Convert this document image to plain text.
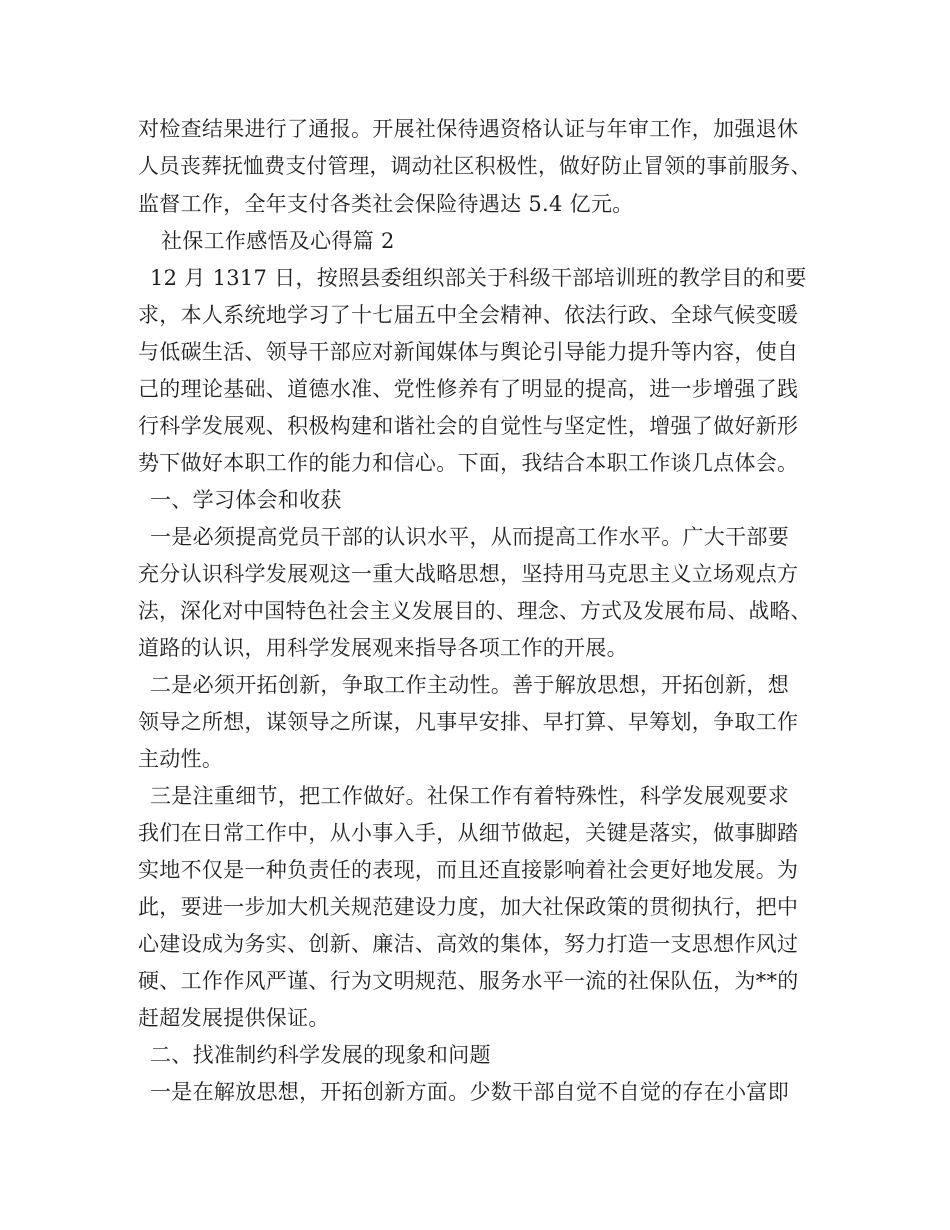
对检查结果进行了通报。开展社保待遇资格认证与年审工作，加强退休
人员丧葬抚恤费支付管理，调动社区积极性，做好防止冒领的事前服务、
监督工作，全年支付各类社会保险待遇达 5.4 亿元。
社保工作感悟及心得篇 2
12 月 1317 日，按照县委组织部关于科级干部培训班的教学目的和要
求，本人系统地学习了十七届五中全会精神、依法行政、全球气候变暖
与低碳生活、领导干部应对新闻媒体与舆论引导能力提升等内容，使自
己的理论基础、道德水准、党性修养有了明显的提高，进一步增强了践
行科学发展观、积极构建和谐社会的自觉性与坚定性，增强了做好新形
势下做好本职工作的能力和信心。下面，我结合本职工作谈几点体会。
一、学习体会和收获
一是必须提高党员干部的认识水平，从而提高工作水平。广大干部要
充分认识科学发展观这一重大战略思想，坚持用马克思主义立场观点方
法，深化对中国特色社会主义发展目的、理念、方式及发展布局、战略、
道路的认识，用科学发展观来指导各项工作的开展。
二是必须开拓创新，争取工作主动性。善于解放思想，开拓创新，想
领导之所想，谋领导之所谋，凡事早安排、早打算、早筹划，争取工作
主动性。
三是注重细节，把工作做好。社保工作有着特殊性，科学发展观要求
我们在日常工作中，从小事入手，从细节做起，关键是落实，做事脚踏
实地不仅是一种负责任的表现，而且还直接影响着社会更好地发展。为
此，要进一步加大机关规范建设力度，加大社保政策的贯彻执行，把中
心建设成为务实、创新、廉洁、高效的集体，努力打造一支思想作风过
硬、工作作风严谨、行为文明规范、服务水平一流的社保队伍，为**的
赶超发展提供保证。
二、找准制约科学发展的现象和问题
一是在解放思想，开拓创新方面。少数干部自觉不自觉的存在小富即
